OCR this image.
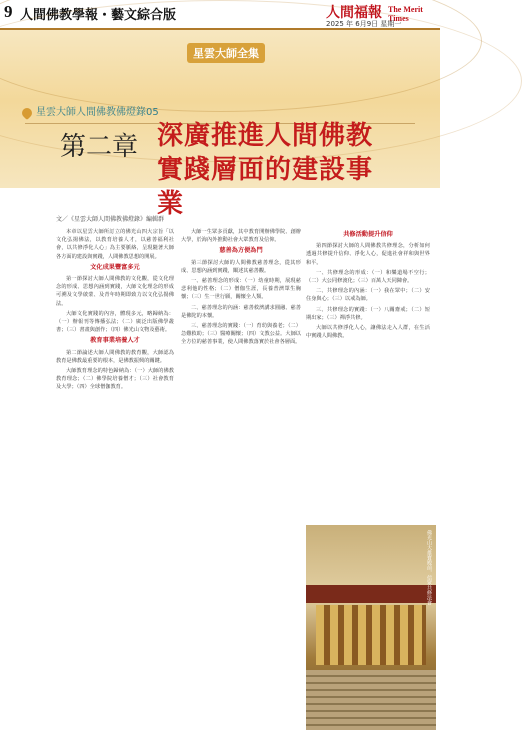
9 人間佛教學報・藝文綜合版	人間福報 The Merit Times
2025 年 6月9日 星期一
星雲大師全集
星雲大師人間佛教佛燈錄05
第二章 深廣推進人間佛教實踐層面的建設事業
文／《星雲大師人間佛教佛燈錄》編輯群

本章以星雲大師所訂立的佛光山四大宗旨「以文化弘揚佛法，以教育培養人才，以慈善福利社會，以共修淨化人心」為主要脈絡，呈現隨著大師各方面的建設與實踐，人間佛教思想的開展。

文化成果豐富多元

第一節探討大師人間佛教的文化觀，從文化理念的形成、思想內涵到實踐，大師文化理念的形成可溯及文學啟蒙、及青年時期即致力以文化弘揚佛法。

大師文化實踐的內容，體現多元，略歸納為：（一）辦報刊等傳播弘法；（二）廣泛出版佛學叢書；（三）書畫與創作；（四）佛光山文物及藝術。

教育事業培養人才

第二節論述大師人間佛教的教育觀，大師認為教育是佛教最重要的根本，是佛教振興的關鍵。

大師教育理念的特色歸納為：（一）大師的佛教教育理念；（二）佛學院培養僧才；（三）社會教育及大學；（四）全球僧伽教育。

大師一生眾多貢獻，其中教育開辦佛學院、創辦大學，於海內外推動社會大眾教育及信仰。

慈善為方便為門

第三節探討大師的人間佛教慈善理念，從其形成、思想內涵到實踐，闡述其慈善觀。

一、慈善理念的形成：（一）幼童時期，展現慈悲利他的性格；（二）僧伽生涯，長養普濟眾生胸懷；（三）生一世行願，關懷全人類。

二、慈善理念的內涵：慈善救濟講求圓融、慈善是佛陀的本懷。

三、慈善理念的實踐：（一）育幼與養老；（二）急難救助；（三）醫療關懷；（四）文教公益。大師以全方位的慈善事業，使人間佛教落實於社會各層面。

共修活動提升信仰

第四節探討大師的人間佛教共修理念，分析如何透過共修提升信仰、淨化人心，促進社會祥和與世界和平。

一、共修理念的形成：（一）和樂道場不空行；（二）大公同修渡化；（三）百萬人天同陳會。

二、共修理念的內涵：（一）我在眾中；（二）安住身與心；（三）以戒為師。

三、共修理念的實踐：（一）八關齋戒；（二）短期出家；（三）禪淨共修。

大師以共修淨化人心，讓佛法走入人群，在生活中實踐人間佛教。

佛光山大雄寶殿前，信眾共修法會
